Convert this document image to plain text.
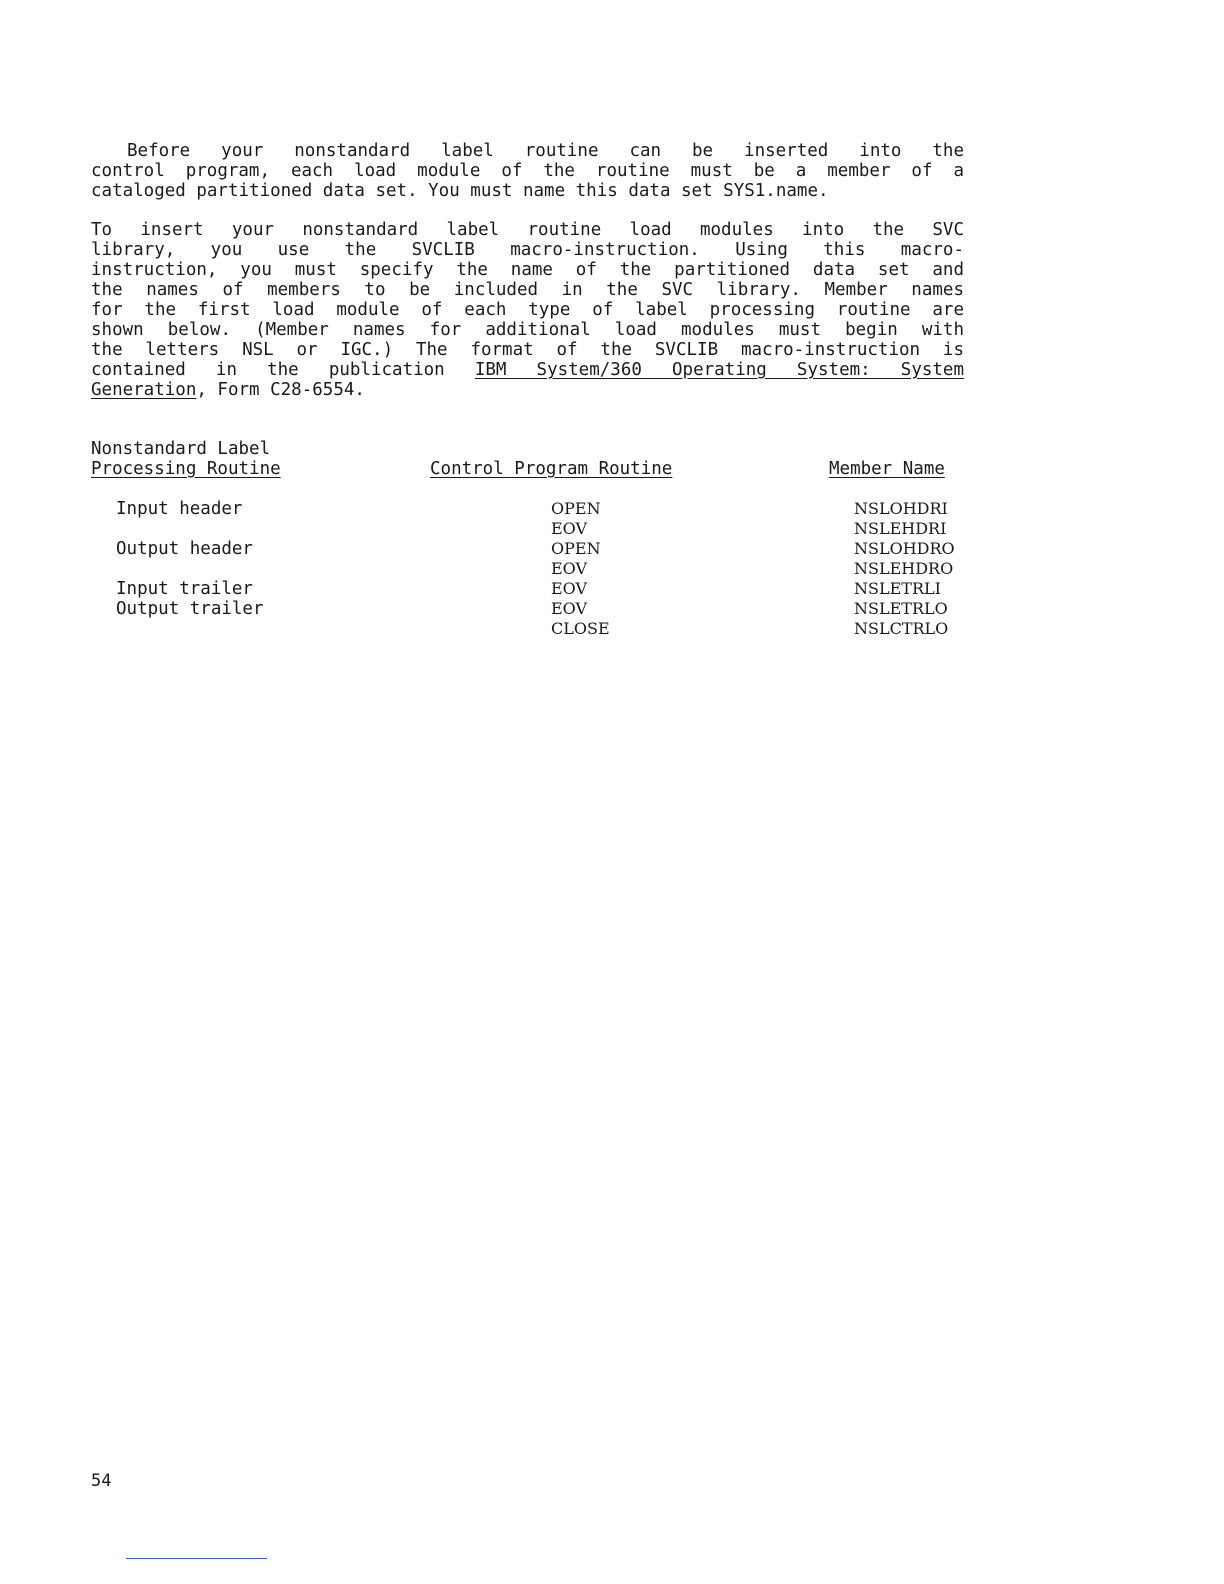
Before your nonstandard label routine can be inserted into the
control program, each load module of the routine must be a member of a
cataloged partitioned data set. You must name this data set SYS1.name.
To insert your nonstandard label routine load modules into the SVC
library, you use the SVCLIB macro-instruction. Using this macro-
instruction, you must specify the name of the partitioned data set and
the names of members to be included in the SVC library. Member names
for the first load module of each type of label processing routine are
shown below. (Member names for additional load modules must begin with
the letters NSL or IGC.) The format of the SVCLIB macro-instruction is
contained in the publication IBM System/360 Operating System: System
Generation, Form C28-6554.
Nonstandard Label
Processing Routine	Control Program Routine	Member Name
Input header
Output header
Input trailer
Output trailer
OPEN
EOV
OPEN
EOV
EOV
EOV
CLOSE
NSLOHDRI
NSLEHDRI
NSLOHDRO
NSLEHDRO
NSLETRLI
NSLETRLO
NSLCTRLO
54
